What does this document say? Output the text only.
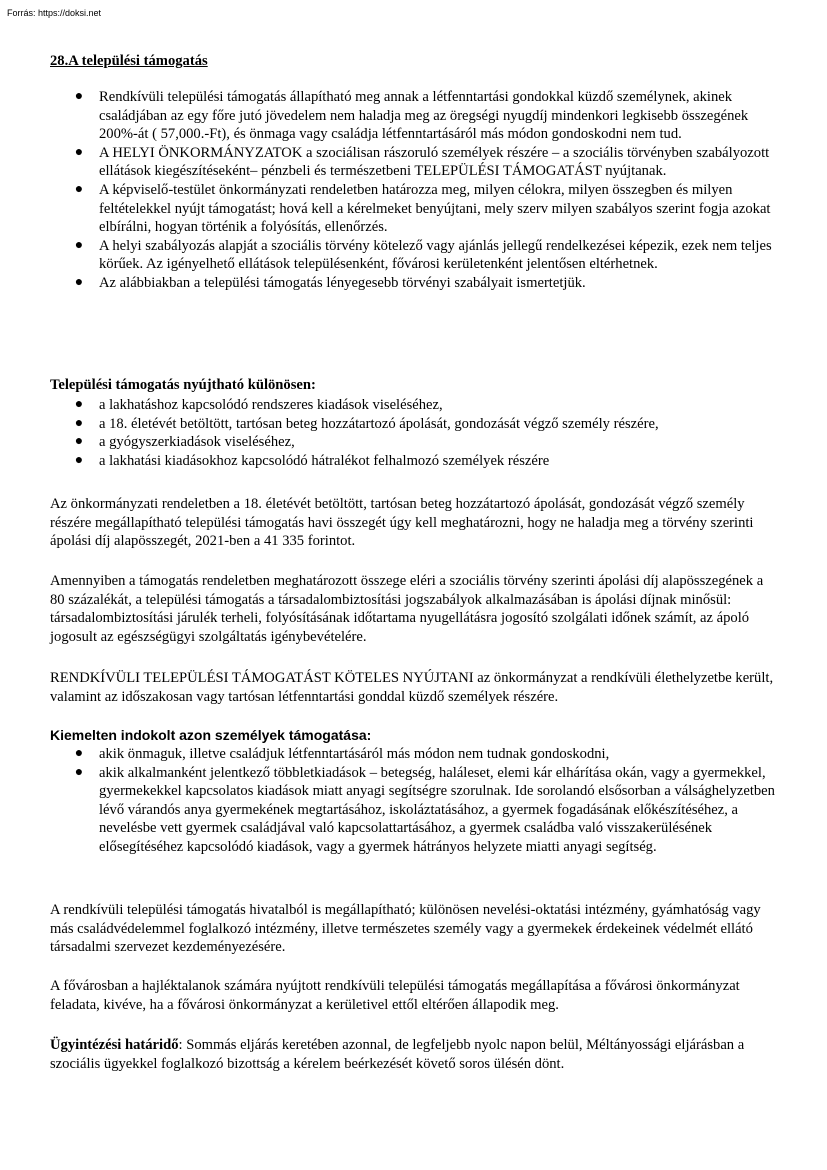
Forrás: https://doksi.net

28.A települési támogatás

● Rendkívüli települési támogatás állapítható meg annak a létfenntartási gondokkal küzdő személynek, akinek családjában az egy főre jutó jövedelem nem haladja meg az öregségi nyugdíj mindenkori legkisebb összegének 200%-át ( 57,000.-Ft), és önmaga vagy családja létfenntartásáról más módon gondoskodni nem tud.
● A HELYI ÖNKORMÁNYZATOK a szociálisan rászoruló személyek részére – a szociális törvényben szabályozott ellátások kiegészítéseként– pénzbeli és természetbeni TELEPÜLÉSI TÁMOGATÁST nyújtanak.
● A képviselő-testület önkormányzati rendeletben határozza meg, milyen célokra, milyen összegben és milyen feltételekkel nyújt támogatást; hová kell a kérelmeket benyújtani, mely szerv milyen szabályos szerint fogja azokat elbírálni, hogyan történik a folyósítás, ellenőrzés.
● A helyi szabályozás alapját a szociális törvény kötelező vagy ajánlás jellegű rendelkezései képezik, ezek nem teljes körűek. Az igényelhető ellátások településenként, fővárosi kerületenként jelentősen eltérhetnek.
● Az alábbiakban a települési támogatás lényegesebb törvényi szabályait ismertetjük.

Települési támogatás nyújtható különösen:

● a lakhatáshoz kapcsolódó rendszeres kiadások viseléséhez,
● a 18. életévét betöltött, tartósan beteg hozzátartozó ápolását, gondozását végző személy részére,
● a gyógyszerkiadások viseléséhez,
● a lakhatási kiadásokhoz kapcsolódó hátralékot felhalmozó személyek részére

Az önkormányzati rendeletben a 18. életévét betöltött, tartósan beteg hozzátartozó ápolását, gondozását végző személy részére megállapítható települési támogatás havi összegét úgy kell meghatározni, hogy ne haladja meg a törvény szerinti ápolási díj alapösszegét, 2021-ben a 41 335 forintot.

Amennyiben a támogatás rendeletben meghatározott összege eléri a szociális törvény szerinti ápolási díj alapösszegének a 80 százalékát, a települési támogatás a társadalombiztosítási jogszabályok alkalmazásában is ápolási díjnak minősül: társadalombiztosítási járulék terheli, folyósításának időtartama nyugellátásra jogosító szolgálati időnek számít, az ápoló jogosult az egészségügyi szolgáltatás igénybevételére.

RENDKÍVÜLI TELEPÜLÉSI TÁMOGATÁST KÖTELES NYÚJTANI az önkormányzat a rendkívüli élethelyzetbe került, valamint az időszakosan vagy tartósan létfenntartási gonddal küzdő személyek részére.

Kiemelten indokolt azon személyek támogatása:

● akik önmaguk, illetve családjuk létfenntartásáról más módon nem tudnak gondoskodni,
● akik alkalmanként jelentkező többletkiadások – betegség, haláleset, elemi kár elhárítása okán, vagy a gyermekkel, gyermekekkel kapcsolatos kiadások miatt anyagi segítségre szorulnak. Ide sorolandó elsősorban a válsághelyzetben lévő várandós anya gyermekének megtartásához, iskoláztatásához, a gyermek fogadásának előkészítéséhez, a nevelésbe vett gyermek családjával való kapcsolattartásához, a gyermek családba való visszakerülésének elősegítéséhez kapcsolódó kiadások, vagy a gyermek hátrányos helyzete miatti anyagi segítség.

A rendkívüli települési támogatás hivatalból is megállapítható; különösen nevelési-oktatási intézmény, gyámhatóság vagy más családvédelemmel foglalkozó intézmény, illetve természetes személy vagy a gyermekek érdekeinek védelmét ellátó társadalmi szervezet kezdeményezésére.

A fővárosban a hajléktalanok számára nyújtott rendkívüli települési támogatás megállapítása a fővárosi önkormányzat feladata, kivéve, ha a fővárosi önkormányzat a kerületivel ettől eltérően állapodik meg.

Ügyintézési határidő: Sommás eljárás keretében azonnal, de legfeljebb nyolc napon belül, Méltányossági eljárásban a szociális ügyekkel foglalkozó bizottság a kérelem beérkezését követő soros ülésén dönt.
